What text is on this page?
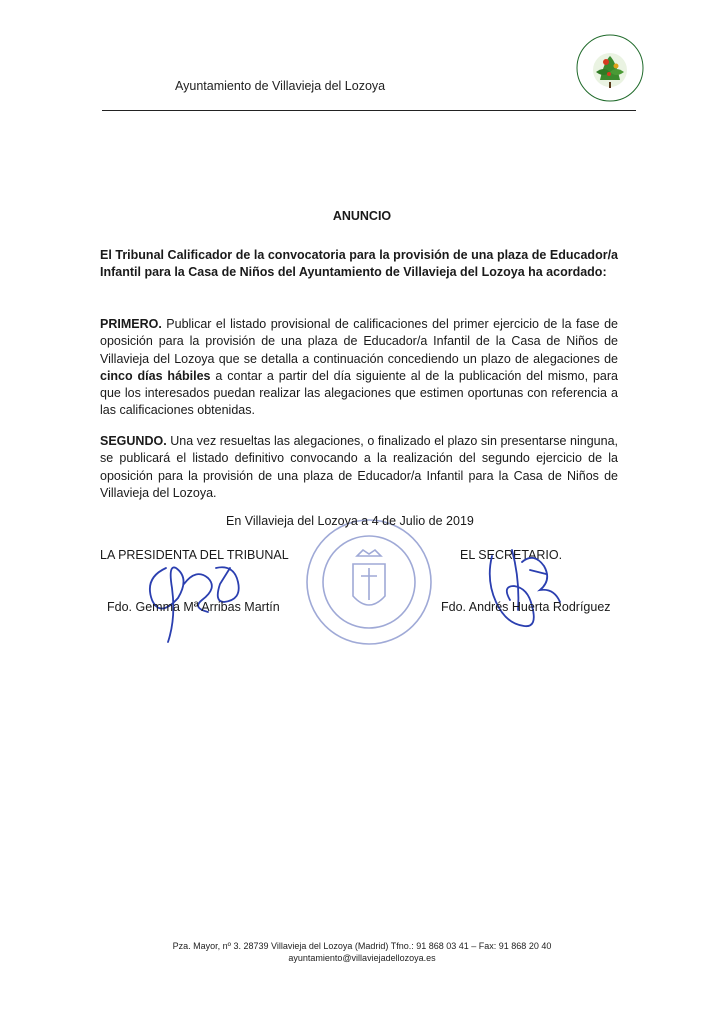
Ayuntamiento de Villavieja del Lozoya
ANUNCIO
El Tribunal Calificador de la convocatoria para la provisión de una plaza de Educador/a Infantil para la Casa de Niños del Ayuntamiento de Villavieja del Lozoya ha acordado:
PRIMERO. Publicar el listado provisional de calificaciones del primer ejercicio de la fase de oposición para la provisión de una plaza de Educador/a Infantil de la Casa de Niños de Villavieja del Lozoya que se detalla a continuación concediendo un plazo de alegaciones de cinco días hábiles a contar a partir del día siguiente al de la publicación del mismo, para que los interesados puedan realizar las alegaciones que estimen oportunas con referencia a las calificaciones obtenidas.
SEGUNDO. Una vez resueltas las alegaciones, o finalizado el plazo sin presentarse ninguna, se publicará el listado definitivo convocando a la realización del segundo ejercicio de la oposición para la provisión de una plaza de Educador/a Infantil para la Casa de Niños de Villavieja del Lozoya.
En Villavieja del Lozoya a 4 de Julio de 2019
LA PRESIDENTA DEL TRIBUNAL	EL SECRETARIO.
Fdo. Gemma Mª Arribas Martín	Fdo. Andrés Huerta Rodríguez
Pza. Mayor, nº 3. 28739 Villavieja del Lozoya (Madrid) Tfno.: 91 868 03 41 – Fax: 91 868 20 40
ayuntamiento@villaviejadellozoya.es
